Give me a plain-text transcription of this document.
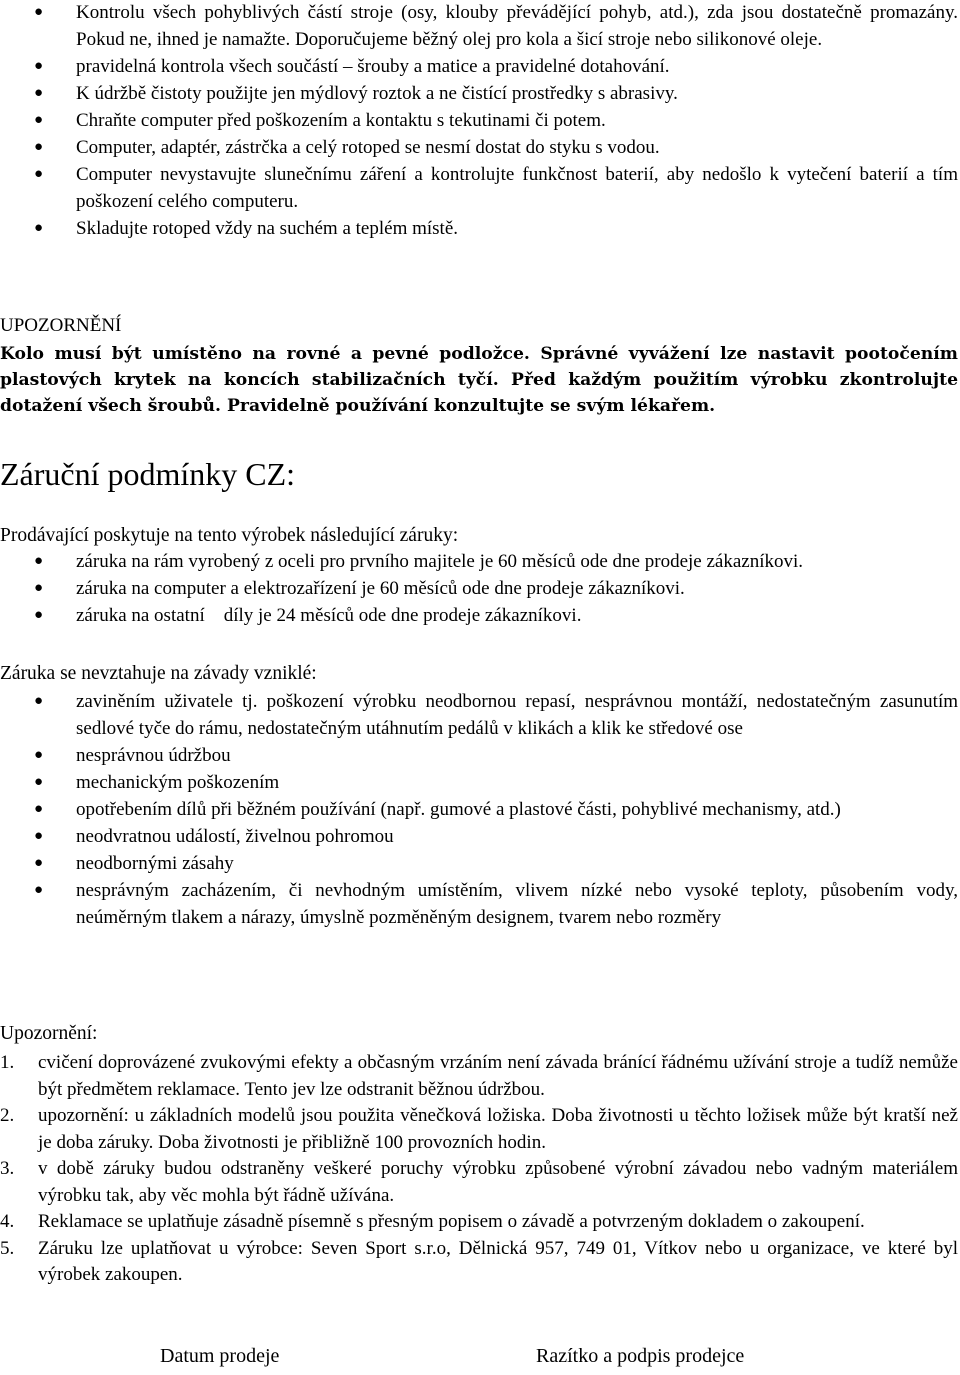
● Kontrolu všech pohyblivých částí stroje (osy, klouby převádějící pohyb, atd.), zda jsou dostatečně promazány. Pokud ne, ihned je namažte. Doporučujeme běžný olej pro kola a šicí stroje nebo silikonové oleje.
● pravidelná kontrola všech součástí – šrouby a matice a pravidelné dotahování.
● K údržbě čistoty použijte jen mýdlový roztok a ne čistící prostředky s abrasivy.
● Chraňte computer před poškozením a kontaktu s tekutinami či potem.
● Computer, adaptér, zástrčka a celý rotoped se nesmí dostat do styku s vodou.
● Computer nevystavujte slunečnímu záření a kontrolujte funkčnost baterií, aby nedošlo k vytečení baterií a tím poškození celého computeru.
● Skladujte rotoped vždy na suchém a teplém místě.
UPOZORNĚNÍ
Kolo musí být umístěno na rovné a pevné podložce. Správné vyvážení lze nastavit pootočením plastových krytek na koncích stabilizačních tyčí. Před každým použitím výrobku zkontrolujte dotažení všech šroubů. Pravidelně používání konzultujte se svým lékařem.
Záruční podmínky CZ:
Prodávající poskytuje na tento výrobek následující záruky:
● záruka na rám vyrobený z oceli pro prvního majitele je 60 měsíců ode dne prodeje zákazníkovi.
● záruka na computer a elektrozařízení je 60 měsíců ode dne prodeje zákazníkovi.
● záruka na ostatní    díly je 24 měsíců ode dne prodeje zákazníkovi.
Záruka se nevztahuje na závady vzniklé:
● zaviněním uživatele tj. poškození výrobku neodbornou repasí, nesprávnou montáží, nedostatečným zasunutím sedlové tyče do rámu, nedostatečným utáhnutím pedálů v klikách a klik ke středové ose
● nesprávnou údržbou
● mechanickým poškozením
● opotřebením dílů při běžném používání (např. gumové a plastové části, pohyblivé mechanismy, atd.)
● neodvratnou událostí, živelnou pohromou
● neodbornými zásahy
● nesprávným zacházením, či nevhodným umístěním, vlivem nízké nebo vysoké teploty, působením vody, neúměrným tlakem a nárazy, úmyslně pozměněným designem, tvarem nebo rozměry
Upozornění:
1. cvičení doprovázené zvukovými efekty a občasným vrzáním není závada bránící řádnému užívání stroje a tudíž nemůže být předmětem reklamace. Tento jev lze odstranit běžnou údržbou.
2. upozornění: u základních modelů jsou použita věnečková ložiska. Doba životnosti u těchto ložisek může být kratší než je doba záruky. Doba životnosti je přibližně 100 provozních hodin.
3. v době záruky budou odstraněny veškeré poruchy výrobku způsobené výrobní závadou nebo vadným materiálem výrobku tak, aby věc mohla být řádně užívána.
4. Reklamace se uplatňuje zásadně písemně s přesným popisem o závadě a potvrzeným dokladem o zakoupení.
5. Záruku lze uplatňovat u výrobce: Seven Sport s.r.o, Dělnická 957, 749 01, Vítkov nebo u organizace, ve které byl výrobek zakoupen.
Datum prodeje	Razítko a podpis prodejce
